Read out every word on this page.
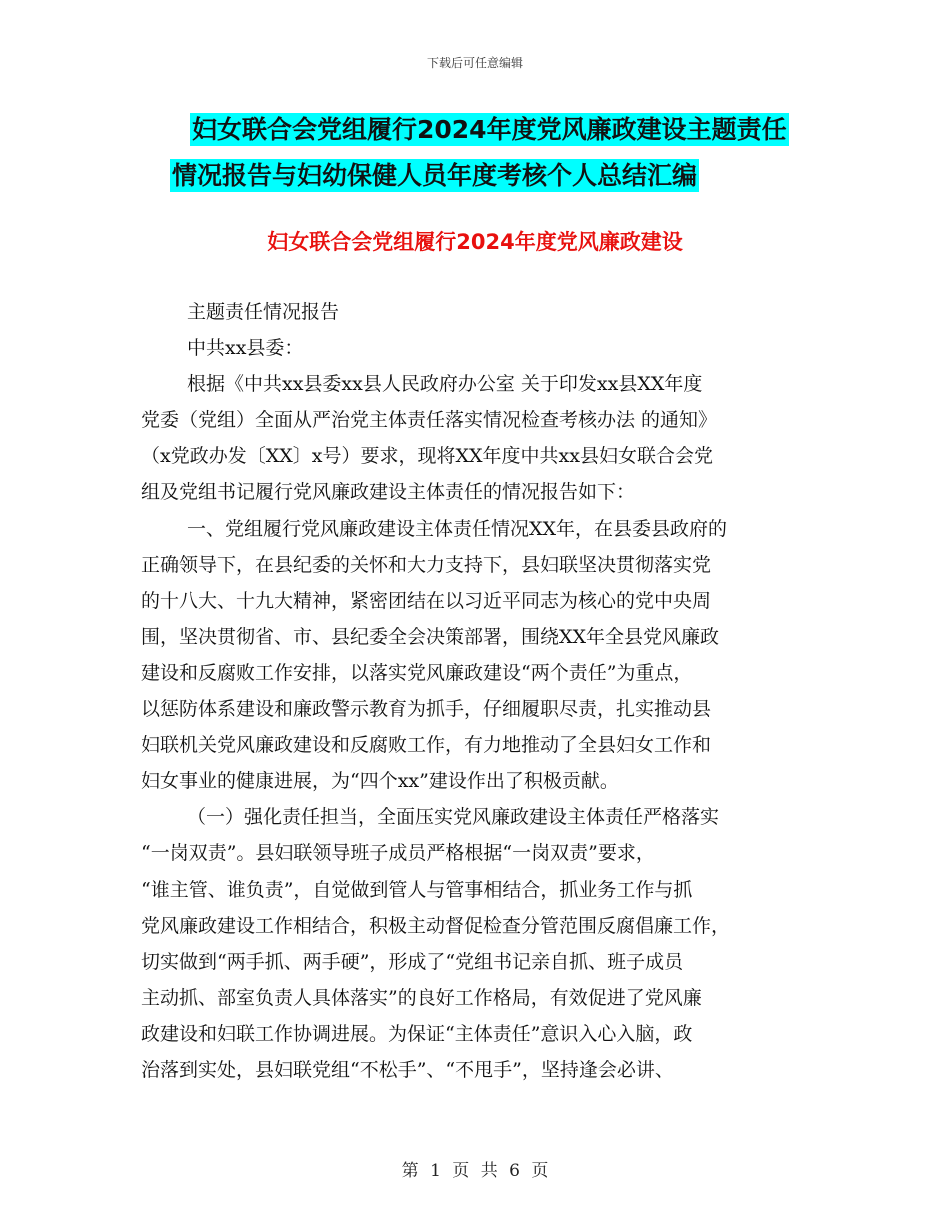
下载后可任意编辑
妇女联合会党组履行2024年度党风廉政建设主题责任
情况报告与妇幼保健人员年度考核个人总结汇编
妇女联合会党组履行2024年度党风廉政建设
主题责任情况报告
中共xx县委：
根据《中共xx县委xx县人民政府办公室 关于印发xx县XX年度
党委（党组）全面从严治党主体责任落实情况检查考核办法 的通知》
（x党政办发〔XX〕x号）要求，现将XX年度中共xx县妇女联合会党
组及党组书记履行党风廉政建设主体责任的情况报告如下：
一、党组履行党风廉政建设主体责任情况XX年，在县委县政府的
正确领导下，在县纪委的关怀和大力支持下，县妇联坚决贯彻落实党
的十八大、十九大精神，紧密团结在以习近平同志为核心的党中央周
围，坚决贯彻省、市、县纪委全会决策部署，围绕XX年全县党风廉政
建设和反腐败工作安排，以落实党风廉政建设“两个责任”为重点，
以惩防体系建设和廉政警示教育为抓手，仔细履职尽责，扎实推动县
妇联机关党风廉政建设和反腐败工作，有力地推动了全县妇女工作和
妇女事业的健康进展，为“四个xx”建设作出了积极贡献。
（一）强化责任担当，全面压实党风廉政建设主体责任严格落实
“一岗双责”。县妇联领导班子成员严格根据“一岗双责”要求，
“谁主管、谁负责”，自觉做到管人与管事相结合，抓业务工作与抓
党风廉政建设工作相结合，积极主动督促检查分管范围反腐倡廉工作，
切实做到“两手抓、两手硬”，形成了“党组书记亲自抓、班子成员
主动抓、部室负责人具体落实”的良好工作格局，有效促进了党风廉
政建设和妇联工作协调进展。为保证“主体责任”意识入心入脑，政
治落到实处，县妇联党组“不松手”、“不甩手”，坚持逢会必讲、
第 1 页 共 6 页
